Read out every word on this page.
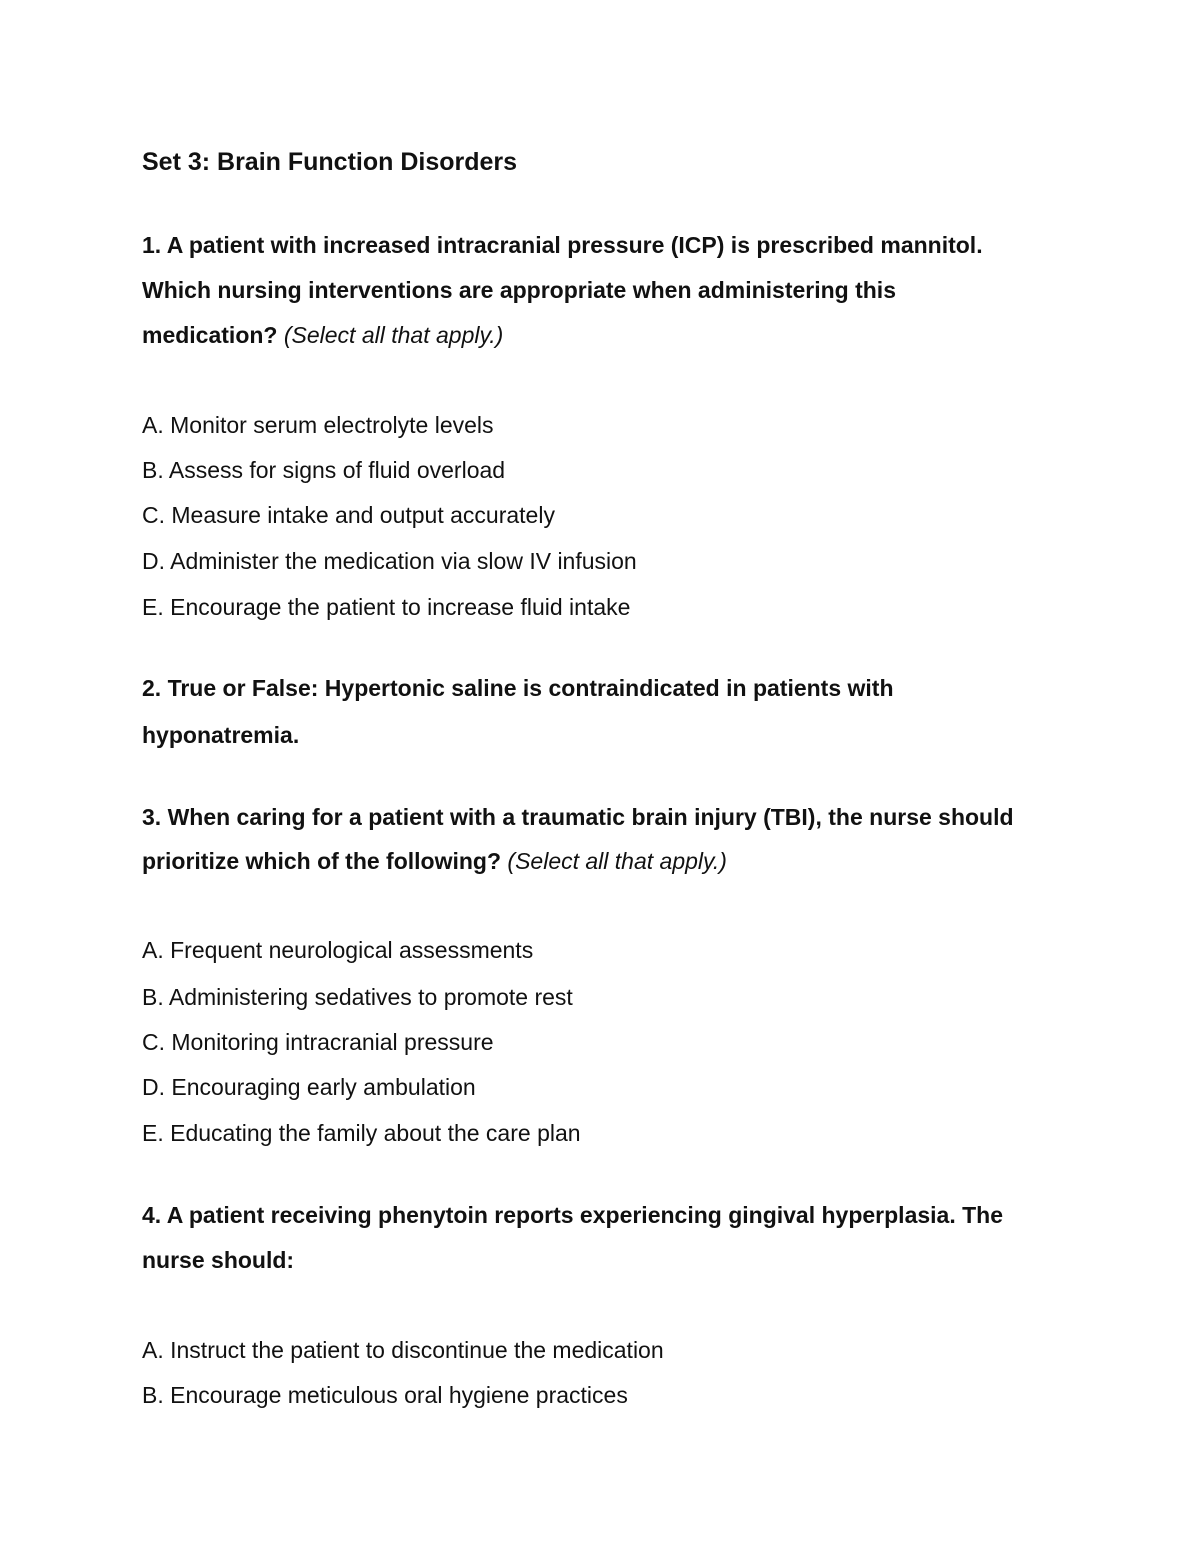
Set 3: Brain Function Disorders
1. A patient with increased intracranial pressure (ICP) is prescribed mannitol.
Which nursing interventions are appropriate when administering this
medication? (Select all that apply.)
A. Monitor serum electrolyte levels
B. Assess for signs of fluid overload
C. Measure intake and output accurately
D. Administer the medication via slow IV infusion
E. Encourage the patient to increase fluid intake
2. True or False: Hypertonic saline is contraindicated in patients with
hyponatremia.
3. When caring for a patient with a traumatic brain injury (TBI), the nurse should
prioritize which of the following? (Select all that apply.)
A. Frequent neurological assessments
B. Administering sedatives to promote rest
C. Monitoring intracranial pressure
D. Encouraging early ambulation
E. Educating the family about the care plan
4. A patient receiving phenytoin reports experiencing gingival hyperplasia. The
nurse should:
A. Instruct the patient to discontinue the medication
B. Encourage meticulous oral hygiene practices
